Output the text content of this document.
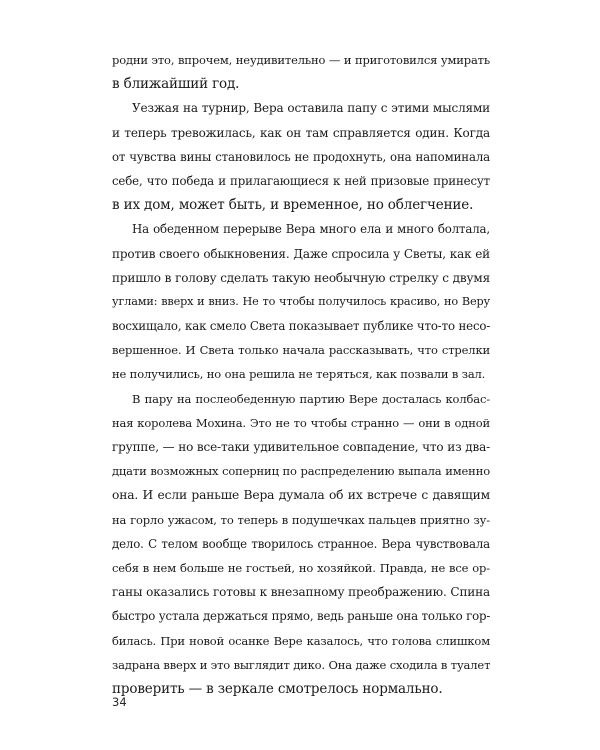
родни это, впрочем, неудивительно — и приготовился умирать
в ближайший год.
Уезжая на турнир, Вера оставила папу с этими мыслями
и теперь тревожилась, как он там справляется один. Когда
от чувства вины становилось не продохнуть, она напоминала
себе, что победа и прилагающиеся к ней призовые принесут
в их дом, может быть, и временное, но облегчение.
На обеденном перерыве Вера много ела и много болтала,
против своего обыкновения. Даже спросила у Светы, как ей
пришло в голову сделать такую необычную стрелку с двумя
углами: вверх и вниз. Не то чтобы получилось красиво, но Веру
восхищало, как смело Света показывает публике что-то несо-
вершенное. И Света только начала рассказывать, что стрелки
не получились, но она решила не теряться, как позвали в зал.
В пару на послеобеденную партию Вере досталась колбас-
ная королева Мохина. Это не то чтобы странно — они в одной
группе, — но все-таки удивительное совпадение, что из два-
дцати возможных соперниц по распределению выпала именно
она. И если раньше Вера думала об их встрече с давящим
на горло ужасом, то теперь в подушечках пальцев приятно зу-
дело. С телом вообще творилось странное. Вера чувствовала
себя в нем больше не гостьей, но хозяйкой. Правда, не все ор-
ганы оказались готовы к внезапному преображению. Спина
быстро устала держаться прямо, ведь раньше она только гор-
билась. При новой осанке Вере казалось, что голова слишком
задрана вверх и это выглядит дико. Она даже сходила в туалет
проверить — в зеркале смотрелось нормально.
34
